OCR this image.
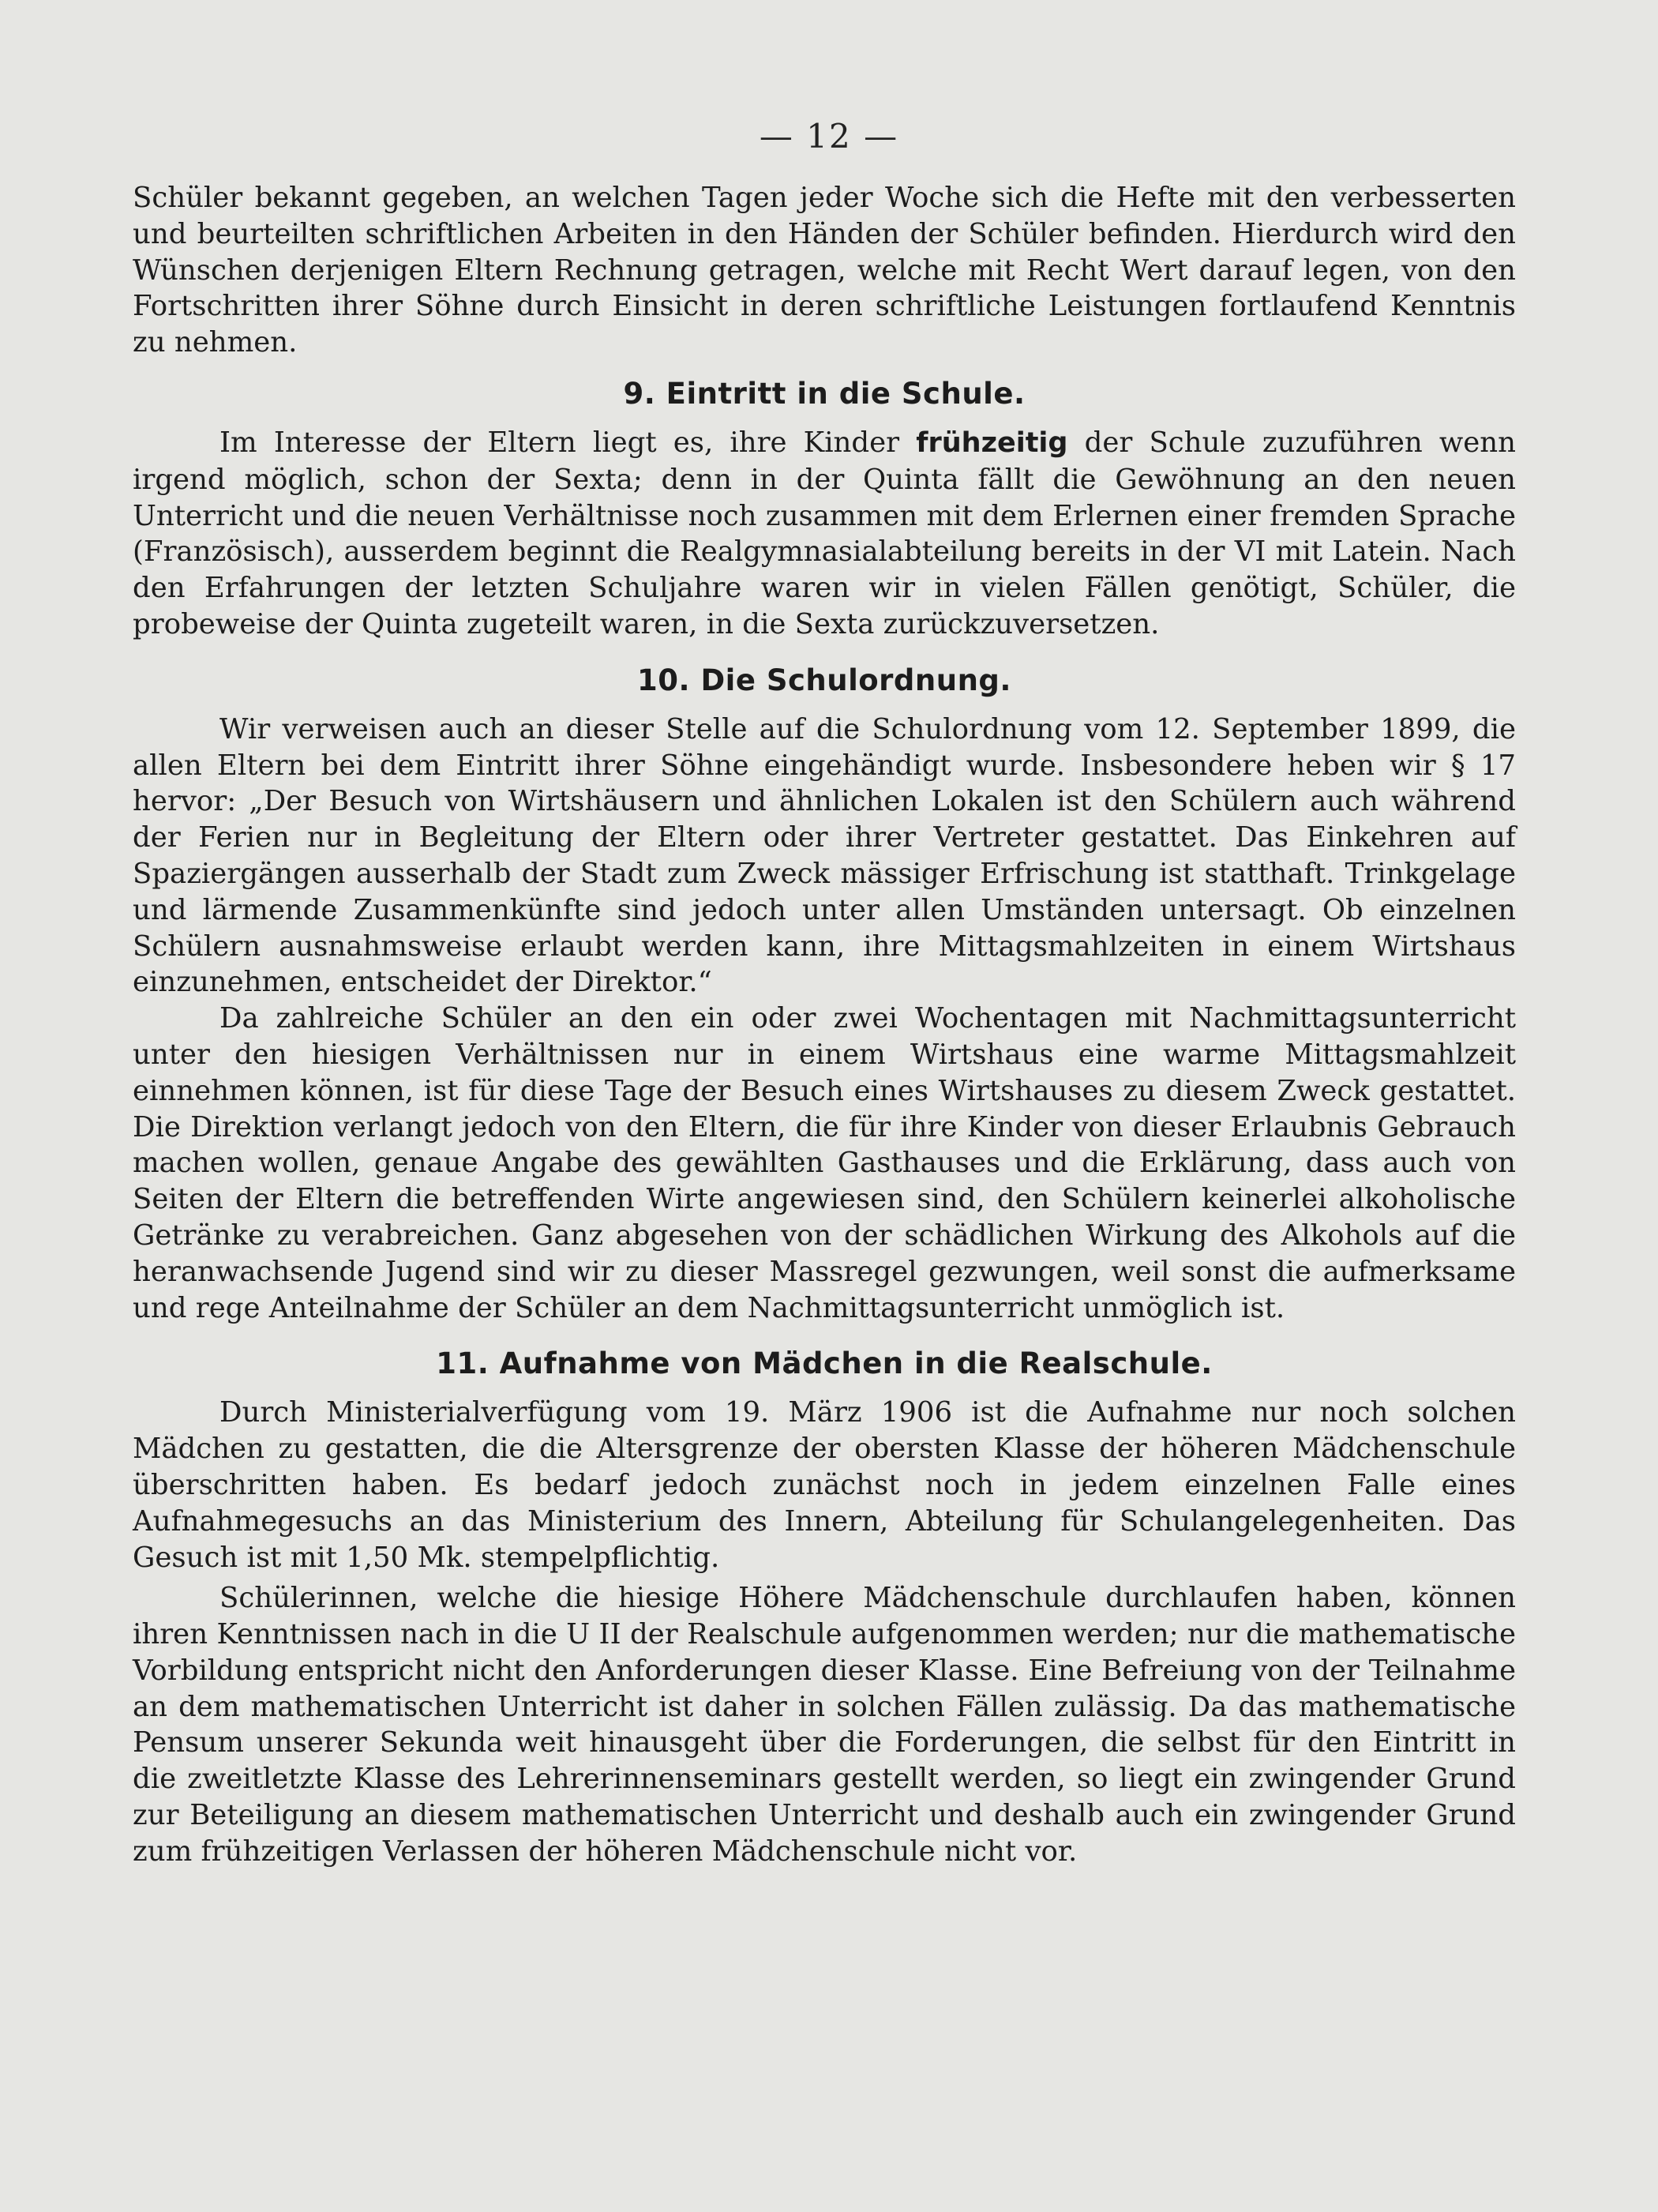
— 12 —

Schüler bekannt gegeben, an welchen Tagen jeder Woche sich die Hefte mit den verbesserten und beurteilten schriftlichen Arbeiten in den Händen der Schüler befinden. Hierdurch wird den Wünschen derjenigen Eltern Rechnung getragen, welche mit Recht Wert darauf legen, von den Fortschritten ihrer Söhne durch Einsicht in deren schriftliche Leistungen fortlaufend Kenntnis zu nehmen.

9. Eintritt in die Schule.

Im Interesse der Eltern liegt es, ihre Kinder frühzeitig der Schule zuzuführen wenn irgend möglich, schon der Sexta; denn in der Quinta fällt die Gewöhnung an den neuen Unterricht und die neuen Verhältnisse noch zusammen mit dem Erlernen einer fremden Sprache (Französisch), ausserdem beginnt die Realgymnasialabteilung bereits in der VI mit Latein. Nach den Erfahrungen der letzten Schuljahre waren wir in vielen Fällen genötigt, Schüler, die probeweise der Quinta zugeteilt waren, in die Sexta zurückzuversetzen.

10. Die Schulordnung.

Wir verweisen auch an dieser Stelle auf die Schulordnung vom 12. September 1899, die allen Eltern bei dem Eintritt ihrer Söhne eingehändigt wurde. Insbesondere heben wir § 17 hervor: „Der Besuch von Wirtshäusern und ähnlichen Lokalen ist den Schülern auch während der Ferien nur in Begleitung der Eltern oder ihrer Vertreter gestattet. Das Einkehren auf Spaziergängen ausserhalb der Stadt zum Zweck mässiger Erfrischung ist statthaft. Trinkgelage und lärmende Zusammenkünfte sind jedoch unter allen Umständen untersagt. Ob einzelnen Schülern ausnahmsweise erlaubt werden kann, ihre Mittagsmahlzeiten in einem Wirtshaus einzunehmen, entscheidet der Direktor.“

Da zahlreiche Schüler an den ein oder zwei Wochentagen mit Nachmittagsunterricht unter den hiesigen Verhältnissen nur in einem Wirtshaus eine warme Mittagsmahlzeit einnehmen können, ist für diese Tage der Besuch eines Wirtshauses zu diesem Zweck gestattet. Die Direktion verlangt jedoch von den Eltern, die für ihre Kinder von dieser Erlaubnis Gebrauch machen wollen, genaue Angabe des gewählten Gasthauses und die Erklärung, dass auch von Seiten der Eltern die betreffenden Wirte angewiesen sind, den Schülern keinerlei alkoholische Getränke zu verabreichen. Ganz abgesehen von der schädlichen Wirkung des Alkohols auf die heranwachsende Jugend sind wir zu dieser Massregel gezwungen, weil sonst die aufmerksame und rege Anteilnahme der Schüler an dem Nachmittagsunterricht unmöglich ist.

11. Aufnahme von Mädchen in die Realschule.

Durch Ministerialverfügung vom 19. März 1906 ist die Aufnahme nur noch solchen Mädchen zu gestatten, die die Altersgrenze der obersten Klasse der höheren Mädchenschule überschritten haben. Es bedarf jedoch zunächst noch in jedem einzelnen Falle eines Aufnahmegesuchs an das Ministerium des Innern, Abteilung für Schulangelegenheiten. Das Gesuch ist mit 1,50 Mk. stempelpflichtig.

Schülerinnen, welche die hiesige Höhere Mädchenschule durchlaufen haben, können ihren Kenntnissen nach in die U II der Realschule aufgenommen werden; nur die mathematische Vorbildung entspricht nicht den Anforderungen dieser Klasse. Eine Befreiung von der Teilnahme an dem mathematischen Unterricht ist daher in solchen Fällen zulässig. Da das mathematische Pensum unserer Sekunda weit hinausgeht über die Forderungen, die selbst für den Eintritt in die zweitletzte Klasse des Lehrerinnenseminars gestellt werden, so liegt ein zwingender Grund zur Beteiligung an diesem mathematischen Unterricht und deshalb auch ein zwingender Grund zum frühzeitigen Verlassen der höheren Mädchenschule nicht vor.
